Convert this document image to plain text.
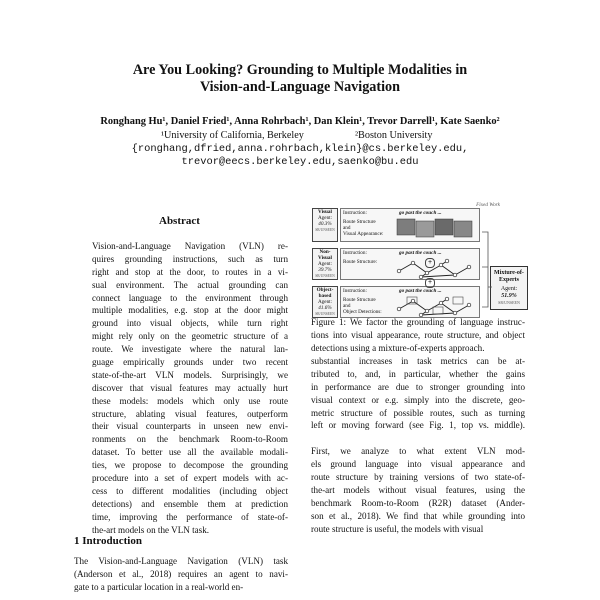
Are You Looking? Grounding to Multiple Modalities in
Vision-and-Language Navigation
Ronghang Hu¹, Daniel Fried¹, Anna Rohrbach¹, Dan Klein¹, Trevor Darrell¹, Kate Saenko²
¹University of California, Berkeley	²Boston University
{ronghang,dfried,anna.rohrbach,klein}@cs.berkeley.edu,
trevor@eecs.berkeley.edu,saenko@bu.edu
Abstract
Vision-and-Language Navigation (VLN) re-
quires grounding instructions, such as turn
right and stop at the door, to routes in a vi-
sual environment. The actual grounding can
connect language to the environment through
multiple modalities, e.g. stop at the door might
ground into visual objects, while turn right
might rely only on the geometric structure of a
route. We investigate where the natural lan-
guage empirically grounds under two recent
state-of-the-art VLN models. Surprisingly, we
discover that visual features may actually hurt
these models: models which only use route
structure, ablating visual features, outperform
their visual counterparts in unseen new envi-
ronments on the benchmark Room-to-Room
dataset. To better use all the available modali-
ties, we propose to decompose the grounding
procedure into a set of expert models with ac-
cess to different modalities (including object
detections) and ensemble them at prediction
time, improving the performance of state-of-
the-art models on the VLN task.
1 Introduction
The Vision-and-Language Navigation (VLN) task
(Anderson et al., 2018) requires an agent to navi-
gate to a particular location in a real-world en-
Fixed Work
Visual
Agent:
40.3%
SR/UNSEEN
Instruction:	go past the couch ...
Route Structure
and
Visual Appearance:
Non-Visual
Agent:
39.7%
SR/UNSEEN
Instruction:	go past the couch ...
Route Structure:
Object-based
Agent:
41.6%
SR/UNSEEN
Instruction:	go past the couch ...
Route Structure
and
Object Detections:
+
+
Mixture-of-Experts
Agent:
51.9%
SR/UNSEEN
Figure 1: We factor the grounding of language instruc-
tions into visual appearance, route structure, and object
detections using a mixture-of-experts approach.
substantial increases in task metrics can be at-
tributed to, and, in particular, whether the gains
in performance are due to stronger grounding into
visual context or e.g. simply into the discrete, geo-
metric structure of possible routes, such as turning
left or moving forward (see Fig. 1, top vs. middle).
First, we analyze to what extent VLN mod-
els ground language into visual appearance and
route structure by training versions of two state-of-
the-art models without visual features, using the
benchmark Room-to-Room (R2R) dataset (Ander-
son et al., 2018). We find that while grounding into
route structure is useful, the models with visual
